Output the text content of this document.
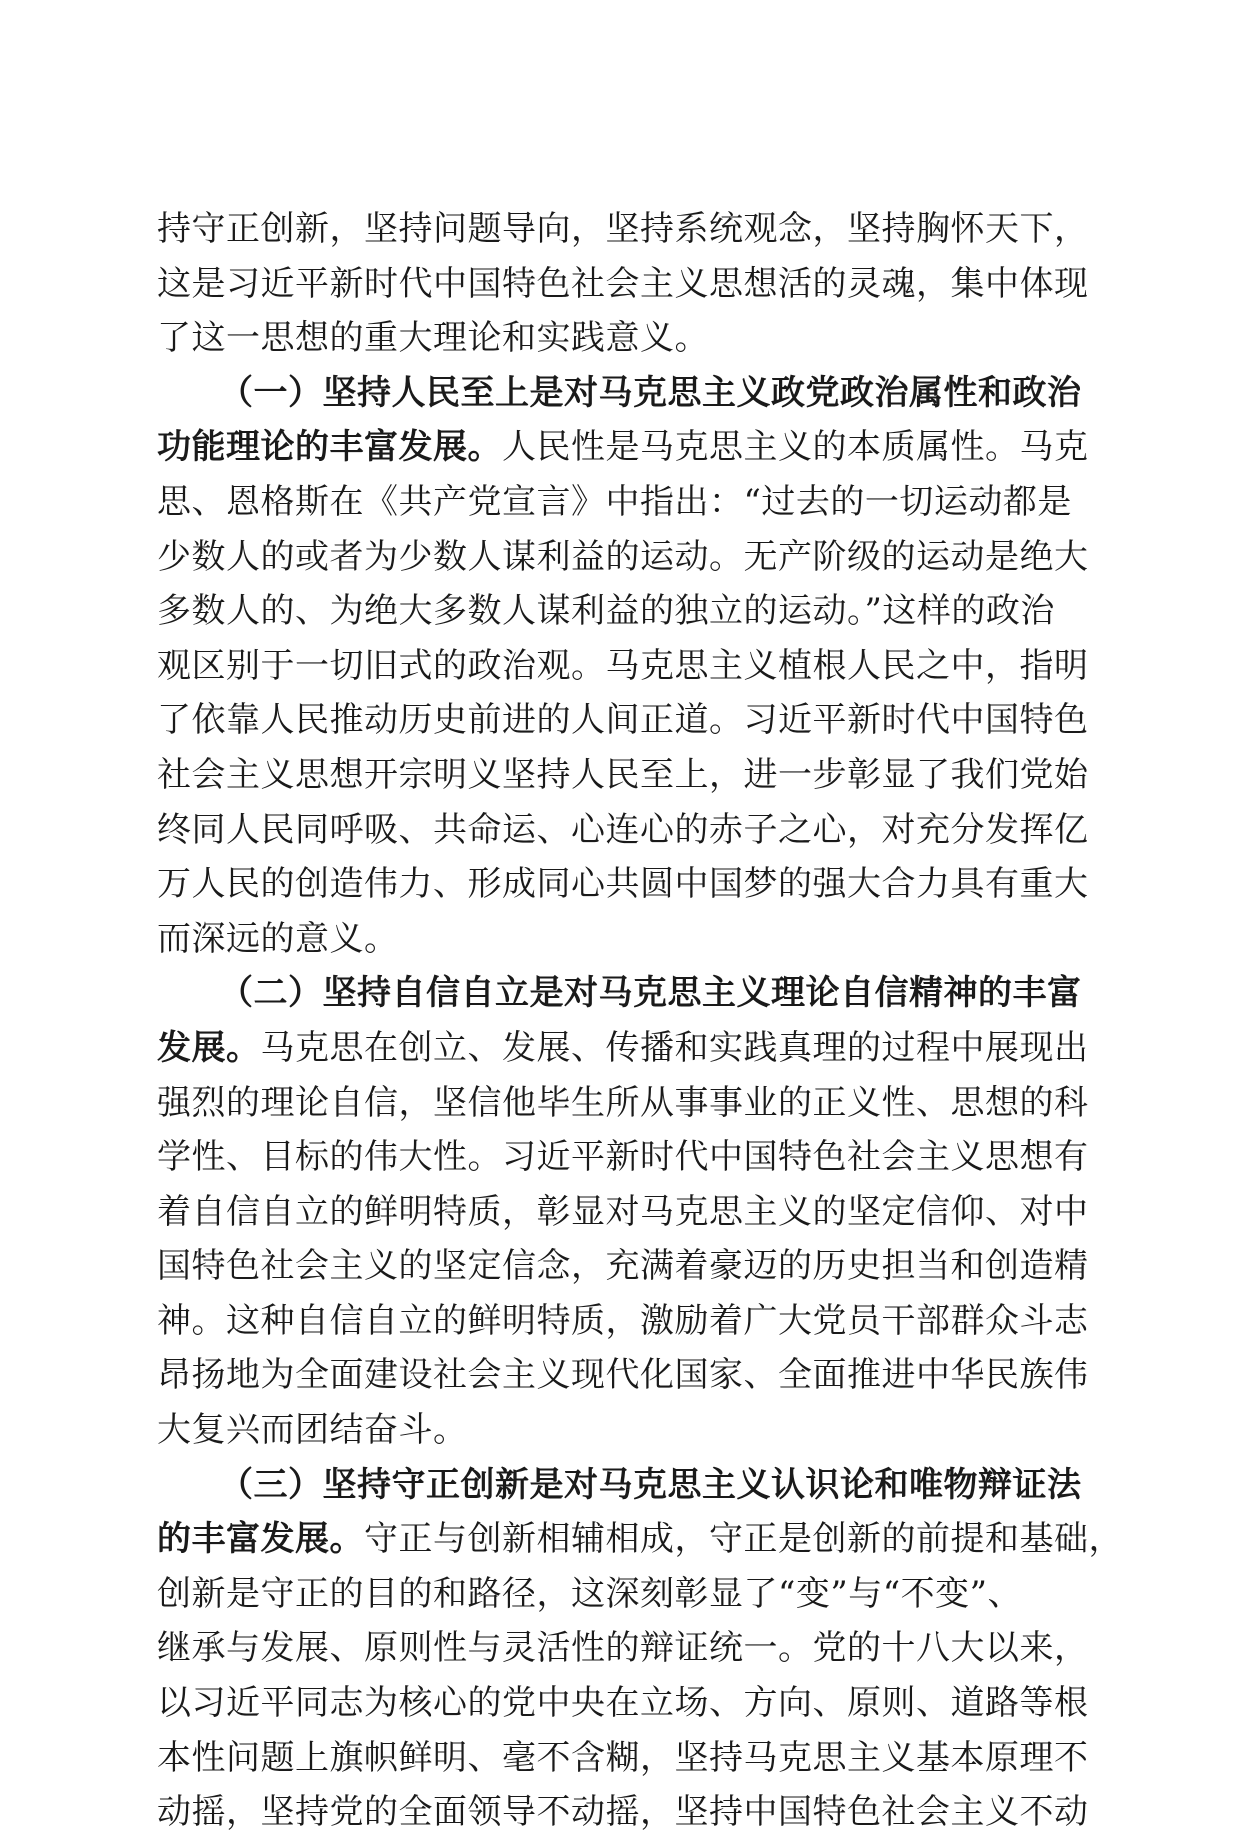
持守正创新，坚持问题导向，坚持系统观念，坚持胸怀天下，
这是习近平新时代中国特色社会主义思想活的灵魂，集中体现
了这一思想的重大理论和实践意义。
（一）坚持人民至上是对马克思主义政党政治属性和政治
功能理论的丰富发展。人民性是马克思主义的本质属性。马克
思、恩格斯在《共产党宣言》中指出：“过去的一切运动都是
少数人的或者为少数人谋利益的运动。无产阶级的运动是绝大
多数人的、为绝大多数人谋利益的独立的运动。”这样的政治
观区别于一切旧式的政治观。马克思主义植根人民之中，指明
了依靠人民推动历史前进的人间正道。习近平新时代中国特色
社会主义思想开宗明义坚持人民至上，进一步彰显了我们党始
终同人民同呼吸、共命运、心连心的赤子之心，对充分发挥亿
万人民的创造伟力、形成同心共圆中国梦的强大合力具有重大
而深远的意义。
（二）坚持自信自立是对马克思主义理论自信精神的丰富
发展。马克思在创立、发展、传播和实践真理的过程中展现出
强烈的理论自信，坚信他毕生所从事事业的正义性、思想的科
学性、目标的伟大性。习近平新时代中国特色社会主义思想有
着自信自立的鲜明特质，彰显对马克思主义的坚定信仰、对中
国特色社会主义的坚定信念，充满着豪迈的历史担当和创造精
神。这种自信自立的鲜明特质，激励着广大党员干部群众斗志
昂扬地为全面建设社会主义现代化国家、全面推进中华民族伟
大复兴而团结奋斗。
（三）坚持守正创新是对马克思主义认识论和唯物辩证法
的丰富发展。守正与创新相辅相成，守正是创新的前提和基础，
创新是守正的目的和路径，这深刻彰显了“变”与“不变”、
继承与发展、原则性与灵活性的辩证统一。党的十八大以来，
以习近平同志为核心的党中央在立场、方向、原则、道路等根
本性问题上旗帜鲜明、毫不含糊，坚持马克思主义基本原理不
动摇，坚持党的全面领导不动摇，坚持中国特色社会主义不动
